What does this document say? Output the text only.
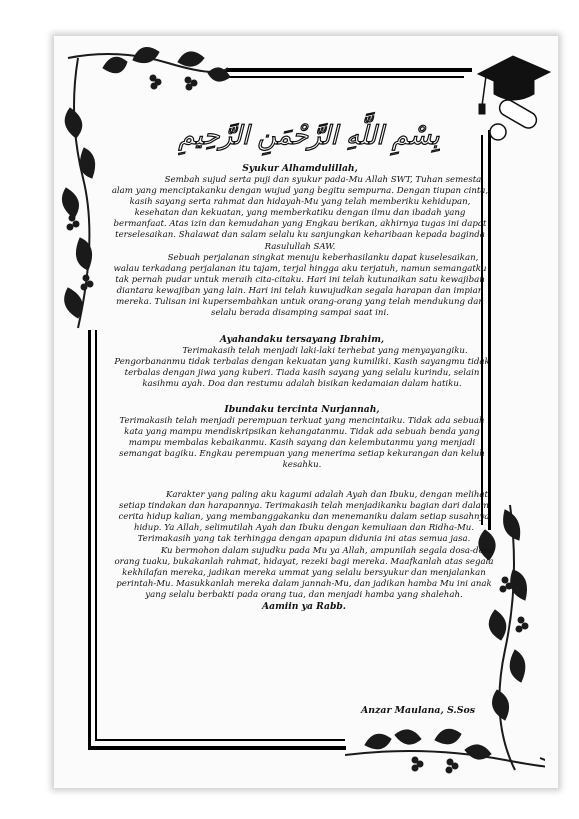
بِسْمِ اللَّهِ الرَّحْمَنِ الرَّحِيمِ
Syukur Alhamdulillah,

Sembah sujud serta puji dan syukur pada-Mu Allah SWT, Tuhan semesta alam yang menciptakanku dengan wujud yang begitu sempurna. Dengan tiupan cinta, kasih sayang serta rahmat dan hidayah-Mu yang telah memberiku kehidupan, kesehatan dan kekuatan, yang memberkatiku dengan ilmu dan ibadah yang bermanfaat. Atas izin dan kemudahan yang Engkau berikan, akhirnya tugas ini dapat terselesaikan. Shalawat dan salam selalu ku sanjungkan keharibaan kepada baginda Rasulullah SAW.

Sebuah perjalanan singkat menuju keberhasilanku dapat kuselesaikan, walau terkadang perjalanan itu tajam, terjal hingga aku terjatuh, namun semangatku tak pernah pudar untuk meraih cita-citaku. Hari ini telah kutunaikan satu kewajiban diantara kewajiban yang lain. Hari ini telah kuwujudkan segala harapan dan impian mereka. Tulisan ini kupersembahkan untuk orang-orang yang telah mendukung dan selalu berada disamping sampai saat ini.

Ayahandaku tersayang Ibrahim,

Terimakasih telah menjadi laki-laki terhebat yang menyayangiku. Pengorbananmu tidak terbalas dengan kekuatan yang kumiliki. Kasih sayangmu tidak terbalas dengan jiwa yang kuberi. Tiada kasih sayang yang selalu kurindu, selain kasihmu ayah. Doa dan restumu adalah bisikan kedamaian dalam hatiku.

Ibundaku tercinta Nurjannah,

Terimakasih telah menjadi perempuan terkuat yang mencintaiku. Tidak ada sebuah kata yang mampu mendiskripsikan kehangatanmu. Tidak ada sebuah benda yang mampu membalas kebaikanmu. Kasih sayang dan kelembutanmu yang menjadi semangat bagiku. Engkau perempuan yang menerima setiap kekurangan dan keluh kesahku.

Karakter yang paling aku kagumi adalah Ayah dan Ibuku, dengan melihat setiap tindakan dan harapannya. Terimakasih telah menjadikanku bagian dari dalam cerita hidup kalian, yang membanggakanku dan menemaniku dalam setiap susahnya hidup. Ya Allah, selimutilah Ayah dan Ibuku dengan kemuliaan dan Ridha-Mu. Terimakasih yang tak terhingga dengan apapun didunia ini atas semua jasa.

Ku bermohon dalam sujudku pada Mu ya Allah, ampunilah segala dosa-dosa orang tuaku, bukakanlah rahmat, hidayat, rezeki bagi mereka. Maafkanlah atas segala kekhilafan mereka, jadikan mereka ummat yang selalu bersyukur dan menjalankan perintah-Mu. Masukkanlah mereka dalam jannah-Mu, dan jadikan hamba Mu ini anak yang selalu berbakti pada orang tua, dan menjadi hamba yang shalehah.

Aamiin ya Rabb.
Anzar Maulana, S.Sos
